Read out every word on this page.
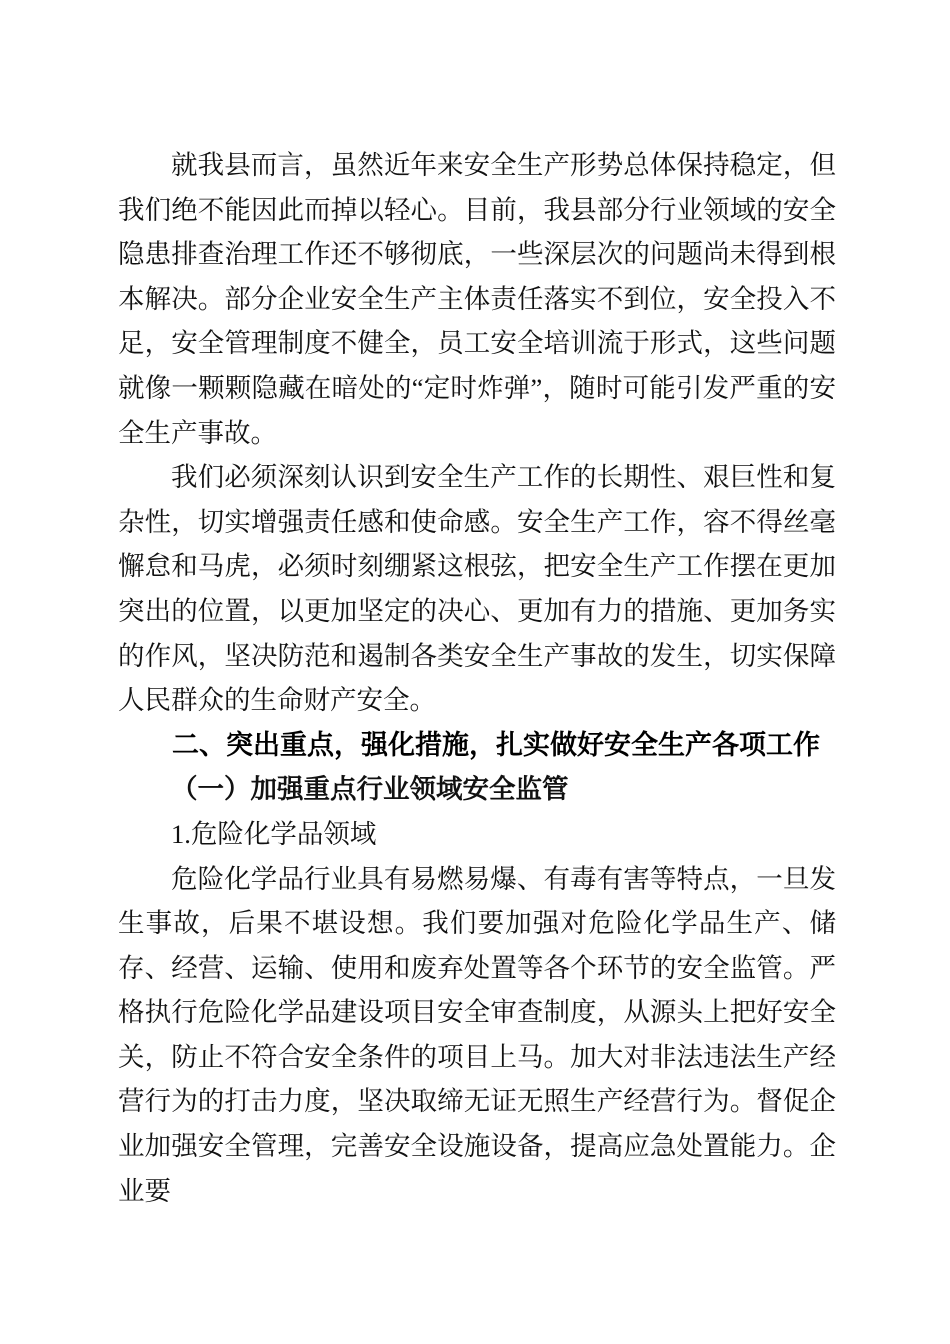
就我县而言，虽然近年来安全生产形势总体保持稳定，但我们绝不能因此而掉以轻心。目前，我县部分行业领域的安全隐患排查治理工作还不够彻底，一些深层次的问题尚未得到根本解决。部分企业安全生产主体责任落实不到位，安全投入不足，安全管理制度不健全，员工安全培训流于形式，这些问题就像一颗颗隐藏在暗处的“定时炸弹”，随时可能引发严重的安全生产事故。

我们必须深刻认识到安全生产工作的长期性、艰巨性和复杂性，切实增强责任感和使命感。安全生产工作，容不得丝毫懈怠和马虎，必须时刻绷紧这根弦，把安全生产工作摆在更加突出的位置，以更加坚定的决心、更加有力的措施、更加务实的作风，坚决防范和遏制各类安全生产事故的发生，切实保障人民群众的生命财产安全。

二、突出重点，强化措施，扎实做好安全生产各项工作
（一）加强重点行业领域安全监管
1.危险化学品领域

危险化学品行业具有易燃易爆、有毒有害等特点，一旦发生事故，后果不堪设想。我们要加强对危险化学品生产、储存、经营、运输、使用和废弃处置等各个环节的安全监管。严格执行危险化学品建设项目安全审查制度，从源头上把好安全关，防止不符合安全条件的项目上马。加大对非法违法生产经营行为的打击力度，坚决取缔无证无照生产经营行为。督促企业加强安全管理，完善安全设施设备，提高应急处置能力。企业要
